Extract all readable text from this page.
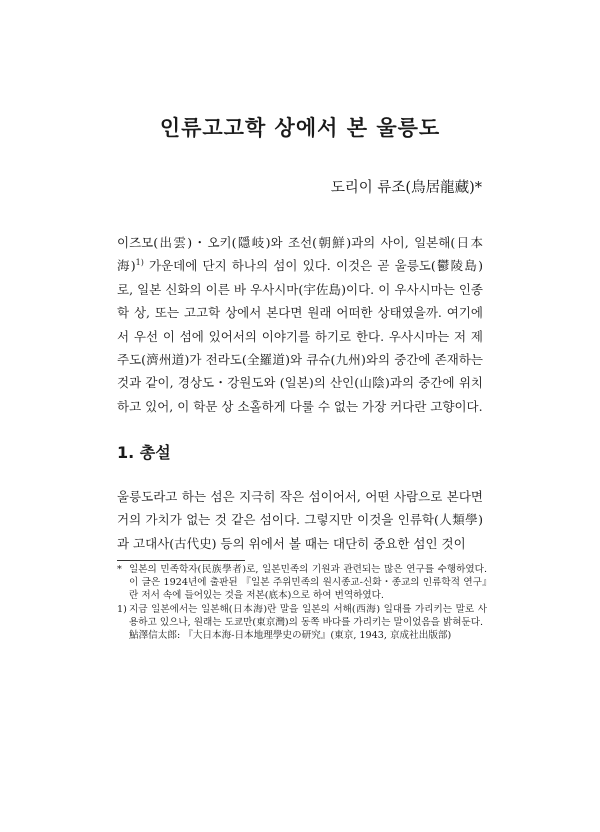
인류고고학 상에서 본 울릉도

도리이 류조(鳥居龍藏)*

이즈모(出雲)・오키(隱岐)와 조선(朝鮮)과의 사이, 일본해(日本海)$^{1)}$ 가운데에 단지 하나의 섬이 있다. 이것은 곧 울릉도(鬱陵島)로, 일본 신화의 이른 바 우사시마(宇佐島)이다. 이 우사시마는 인종학 상, 또는 고고학 상에서 본다면 원래 어떠한 상태였을까. 여기에서 우선 이 섬에 있어서의 이야기를 하기로 한다. 우사시마는 저 제주도(濟州道)가 전라도(全羅道)와 큐슈(九州)와의 중간에 존재하는 것과 같이, 경상도・강원도와 (일본)의 산인(山陰)과의 중간에 위치하고 있어, 이 학문 상 소홀하게 다룰 수 없는 가장 커다란 고향이다.

1. 총설

울릉도라고 하는 섬은 지극히 작은 섬이어서, 어떤 사람으로 본다면 거의 가치가 없는 것 같은 섬이다. 그렇지만 이것을 인류학(人類學)과 고대사(古代史) 등의 위에서 볼 때는 대단히 중요한 섬인 것이

* 일본의 민족학자(民族學者)로, 일본민족의 기원과 관련되는 많은 연구를 수행하였다. 이 글은 1924년에 출판된 『일본 주위민족의 원시종교-신화・종교의 인류학적 연구』란 저서 속에 들어있는 것을 저본(底本)으로 하여 번역하였다.

1) 지금 일본에서는 일본해(日本海)란 말을 일본의 서해(西海) 일대를 가리키는 말로 사용하고 있으나, 원래는 도쿄만(東京灣)의 동쪽 바다를 가리키는 말이었음을 밝혀둔다.

鮎澤信太郎: 『大日本海-日本地理學史の研究』(東京, 1943, 京成社出版部)
